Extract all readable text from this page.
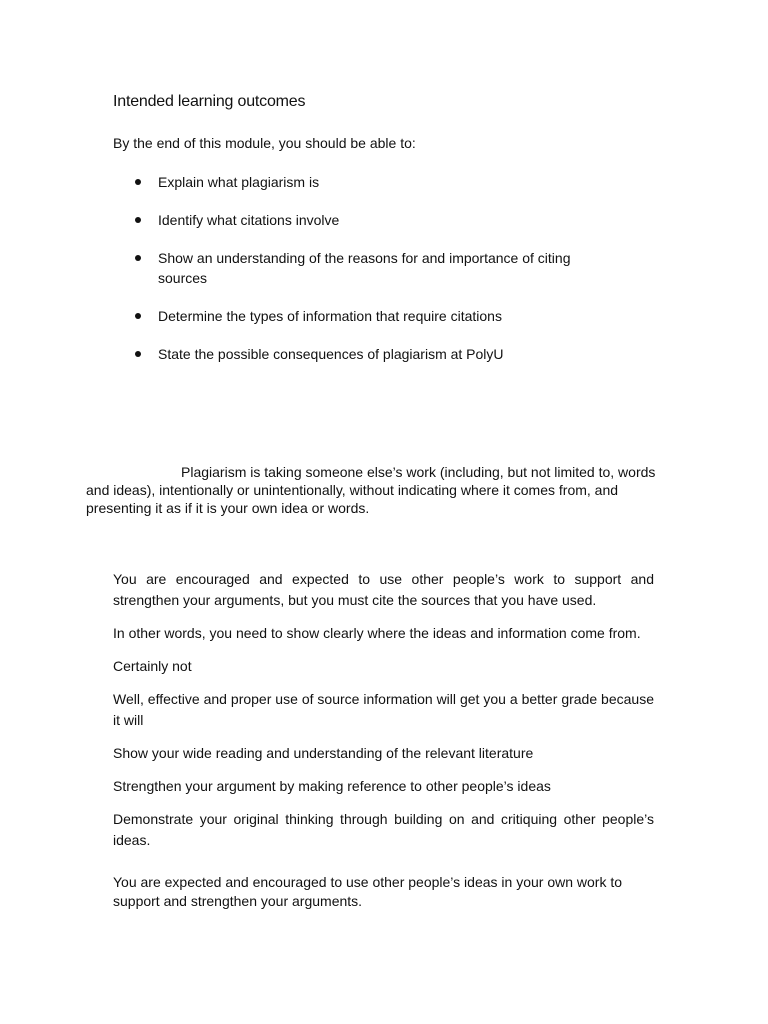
Intended learning outcomes

By the end of this module, you should be able to:

Explain what plagiarism is
Identify what citations involve
Show an understanding of the reasons for and importance of citing sources
Determine the types of information that require citations
State the possible consequences of plagiarism at PolyU

Plagiarism is taking someone else’s work (including, but not limited to, words and ideas), intentionally or unintentionally, without indicating where it comes from, and presenting it as if it is your own idea or words.

You are encouraged and expected to use other people’s work to support and strengthen your arguments, but you must cite the sources that you have used.

In other words, you need to show clearly where the ideas and information come from.

Certainly not

Well, effective and proper use of source information will get you a better grade because it will

Show your wide reading and understanding of the relevant literature

Strengthen your argument by making reference to other people’s ideas

Demonstrate your original thinking through building on and critiquing other people’s ideas.

You are expected and encouraged to use other people’s ideas in your own work to support and strengthen your arguments.
